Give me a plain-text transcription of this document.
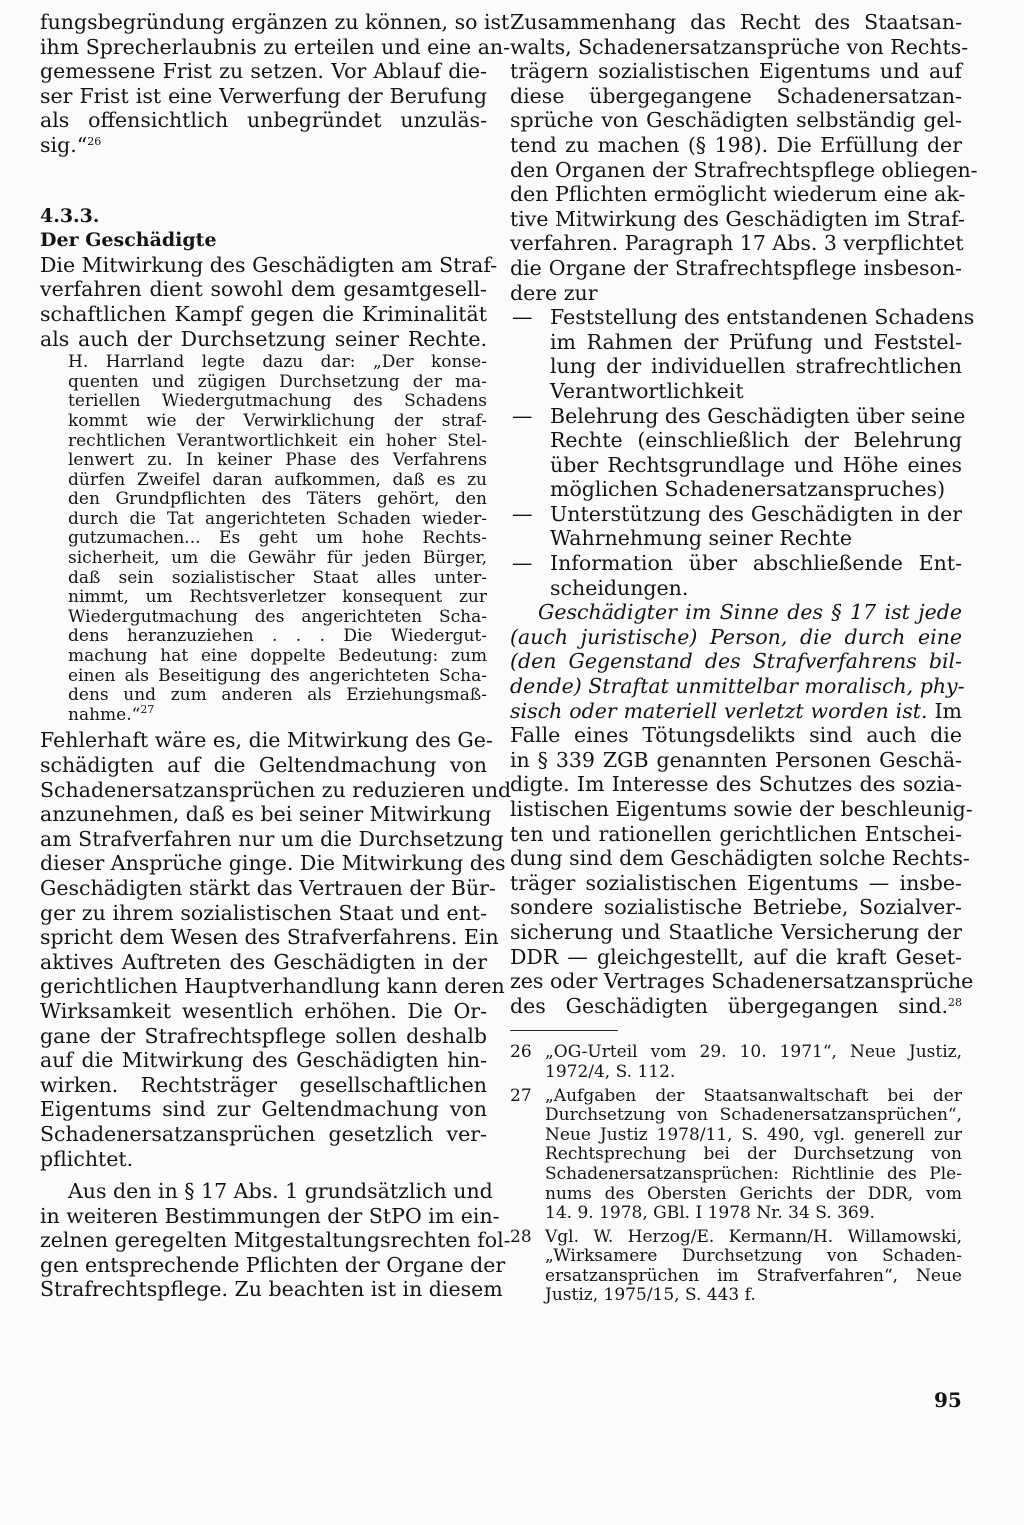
fungsbegründung ergänzen zu können, so ist
ihm Sprecherlaubnis zu erteilen und eine an-
gemessene Frist zu setzen. Vor Ablauf die-
ser Frist ist eine Verwerfung der Berufung
als offensichtlich unbegründet unzuläs-
sig.“$^{26}$
4.3.3.
Der Geschädigte
Die Mitwirkung des Geschädigten am Straf-
verfahren dient sowohl dem gesamtgesell-
schaftlichen Kampf gegen die Kriminalität
als auch der Durchsetzung seiner Rechte.
H. Harrland legte dazu dar: „Der konse-
quenten und zügigen Durchsetzung der ma-
teriellen Wiedergutmachung des Schadens
kommt wie der Verwirklichung der straf-
rechtlichen Verantwortlichkeit ein hoher Stel-
lenwert zu. In keiner Phase des Verfahrens
dürfen Zweifel daran aufkommen, daß es zu
den Grundpflichten des Täters gehört, den
durch die Tat angerichteten Schaden wieder-
gutzumachen... Es geht um hohe Rechts-
sicherheit, um die Gewähr für jeden Bürger,
daß sein sozialistischer Staat alles unter-
nimmt, um Rechtsverletzer konsequent zur
Wiedergutmachung des angerichteten Scha-
dens heranzuziehen . . . Die Wiedergut-
machung hat eine doppelte Bedeutung: zum
einen als Beseitigung des angerichteten Scha-
dens und zum anderen als Erziehungsmaß-
nahme.“$^{27}$
Fehlerhaft wäre es, die Mitwirkung des Ge-
schädigten auf die Geltendmachung von
Schadenersatzansprüchen zu reduzieren und
anzunehmen, daß es bei seiner Mitwirkung
am Strafverfahren nur um die Durchsetzung
dieser Ansprüche ginge. Die Mitwirkung des
Geschädigten stärkt das Vertrauen der Bür-
ger zu ihrem sozialistischen Staat und ent-
spricht dem Wesen des Strafverfahrens. Ein
aktives Auftreten des Geschädigten in der
gerichtlichen Hauptverhandlung kann deren
Wirksamkeit wesentlich erhöhen. Die Or-
gane der Strafrechtspflege sollen deshalb
auf die Mitwirkung des Geschädigten hin-
wirken. Rechtsträger gesellschaftlichen
Eigentums sind zur Geltendmachung von
Schadenersatzansprüchen gesetzlich ver-
pflichtet.
Aus den in § 17 Abs. 1 grundsätzlich und
in weiteren Bestimmungen der StPO im ein-
zelnen geregelten Mitgestaltungsrechten fol-
gen entsprechende Pflichten der Organe der
Strafrechtspflege. Zu beachten ist in diesem
Zusammenhang das Recht des Staatsan-
walts, Schadenersatzansprüche von Rechts-
trägern sozialistischen Eigentums und auf
diese übergegangene Schadenersatzan-
sprüche von Geschädigten selbständig gel-
tend zu machen (§ 198). Die Erfüllung der
den Organen der Strafrechtspflege obliegen-
den Pflichten ermöglicht wiederum eine ak-
tive Mitwirkung des Geschädigten im Straf-
verfahren. Paragraph 17 Abs. 3 verpflichtet
die Organe der Strafrechtspflege insbeson-
dere zur
— Feststellung des entstandenen Schadens
im Rahmen der Prüfung und Feststel-
lung der individuellen strafrechtlichen
Verantwortlichkeit
— Belehrung des Geschädigten über seine
Rechte (einschließlich der Belehrung
über Rechtsgrundlage und Höhe eines
möglichen Schadenersatzanspruches)
— Unterstützung des Geschädigten in der
Wahrnehmung seiner Rechte
— Information über abschließende Ent-
scheidungen.
Geschädigter im Sinne des § 17 ist jede
(auch juristische) Person, die durch eine
(den Gegenstand des Strafverfahrens bil-
dende) Straftat unmittelbar moralisch, phy-
sisch oder materiell verletzt worden ist. Im
Falle eines Tötungsdelikts sind auch die
in § 339 ZGB genannten Personen Geschä-
digte. Im Interesse des Schutzes des sozia-
listischen Eigentums sowie der beschleunig-
ten und rationellen gerichtlichen Entschei-
dung sind dem Geschädigten solche Rechts-
träger sozialistischen Eigentums — insbe-
sondere sozialistische Betriebe, Sozialver-
sicherung und Staatliche Versicherung der
DDR — gleichgestellt, auf die kraft Geset-
zes oder Vertrages Schadenersatzansprüche
des Geschädigten übergegangen sind.$^{28}$
26 „OG-Urteil vom 29. 10. 1971“, Neue Justiz,
1972/4, S. 112.
27 „Aufgaben der Staatsanwaltschaft bei der
Durchsetzung von Schadenersatzansprüchen“,
Neue Justiz 1978/11, S. 490, vgl. generell zur
Rechtsprechung bei der Durchsetzung von
Schadenersatzansprüchen: Richtlinie des Ple-
nums des Obersten Gerichts der DDR, vom
14. 9. 1978, GBl. I 1978 Nr. 34 S. 369.
28 Vgl. W. Herzog/E. Kermann/H. Willamowski,
„Wirksamere Durchsetzung von Schaden-
ersatzansprüchen im Strafverfahren“, Neue
Justiz, 1975/15, S. 443 f.
95
